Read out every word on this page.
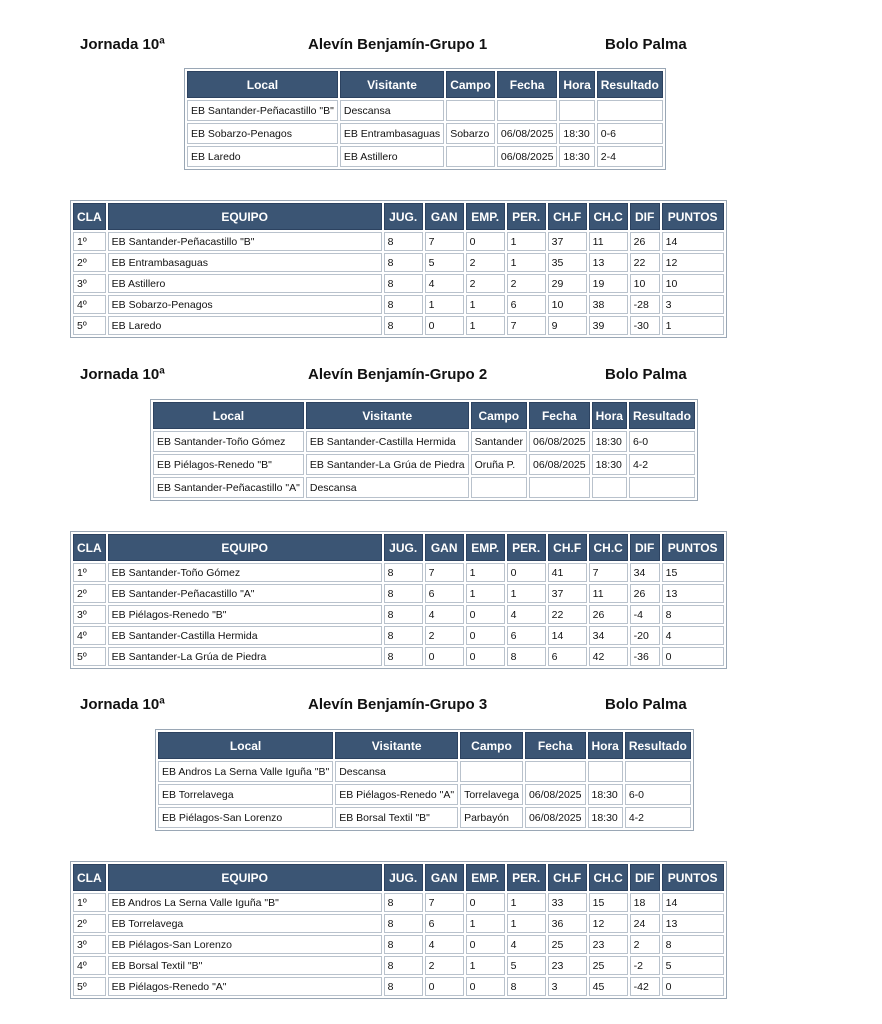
Jornada 10ª	Alevín Benjamín-Grupo 1	Bolo Palma
Local	Visitante	Campo	Fecha	Hora	Resultado
EB Santander-Peñacastillo "B"	Descansa				
EB Sobarzo-Penagos	EB Entrambasaguas	Sobarzo	06/08/2025	18:30	0-6
EB Laredo	EB Astillero		06/08/2025	18:30	2-4
CLA	EQUIPO	JUG.	GAN	EMP.	PER.	CH.F	CH.C	DIF	PUNTOS
1º	EB Santander-Peñacastillo "B"	8	7	0	1	37	11	26	14
2º	EB Entrambasaguas	8	5	2	1	35	13	22	12
3º	EB Astillero	8	4	2	2	29	19	10	10
4º	EB Sobarzo-Penagos	8	1	1	6	10	38	-28	3
5º	EB Laredo	8	0	1	7	9	39	-30	1
Jornada 10ª	Alevín Benjamín-Grupo 2	Bolo Palma
Local	Visitante	Campo	Fecha	Hora	Resultado
EB Santander-Toño Gómez	EB Santander-Castilla Hermida	Santander	06/08/2025	18:30	6-0
EB Piélagos-Renedo "B"	EB Santander-La Grúa de Piedra	Oruña P.	06/08/2025	18:30	4-2
EB Santander-Peñacastillo "A"	Descansa				
CLA	EQUIPO	JUG.	GAN	EMP.	PER.	CH.F	CH.C	DIF	PUNTOS
1º	EB Santander-Toño Gómez	8	7	1	0	41	7	34	15
2º	EB Santander-Peñacastillo "A"	8	6	1	1	37	11	26	13
3º	EB Piélagos-Renedo "B"	8	4	0	4	22	26	-4	8
4º	EB Santander-Castilla Hermida	8	2	0	6	14	34	-20	4
5º	EB Santander-La Grúa de Piedra	8	0	0	8	6	42	-36	0
Jornada 10ª	Alevín Benjamín-Grupo 3	Bolo Palma
Local	Visitante	Campo	Fecha	Hora	Resultado
EB Andros La Serna Valle Iguña "B"	Descansa				
EB Torrelavega	EB Piélagos-Renedo "A"	Torrelavega	06/08/2025	18:30	6-0
EB Piélagos-San Lorenzo	EB Borsal Textil "B"	Parbayón	06/08/2025	18:30	4-2
CLA	EQUIPO	JUG.	GAN	EMP.	PER.	CH.F	CH.C	DIF	PUNTOS
1º	EB Andros La Serna Valle Iguña "B"	8	7	0	1	33	15	18	14
2º	EB Torrelavega	8	6	1	1	36	12	24	13
3º	EB Piélagos-San Lorenzo	8	4	0	4	25	23	2	8
4º	EB Borsal Textil "B"	8	2	1	5	23	25	-2	5
5º	EB Piélagos-Renedo "A"	8	0	0	8	3	45	-42	0
